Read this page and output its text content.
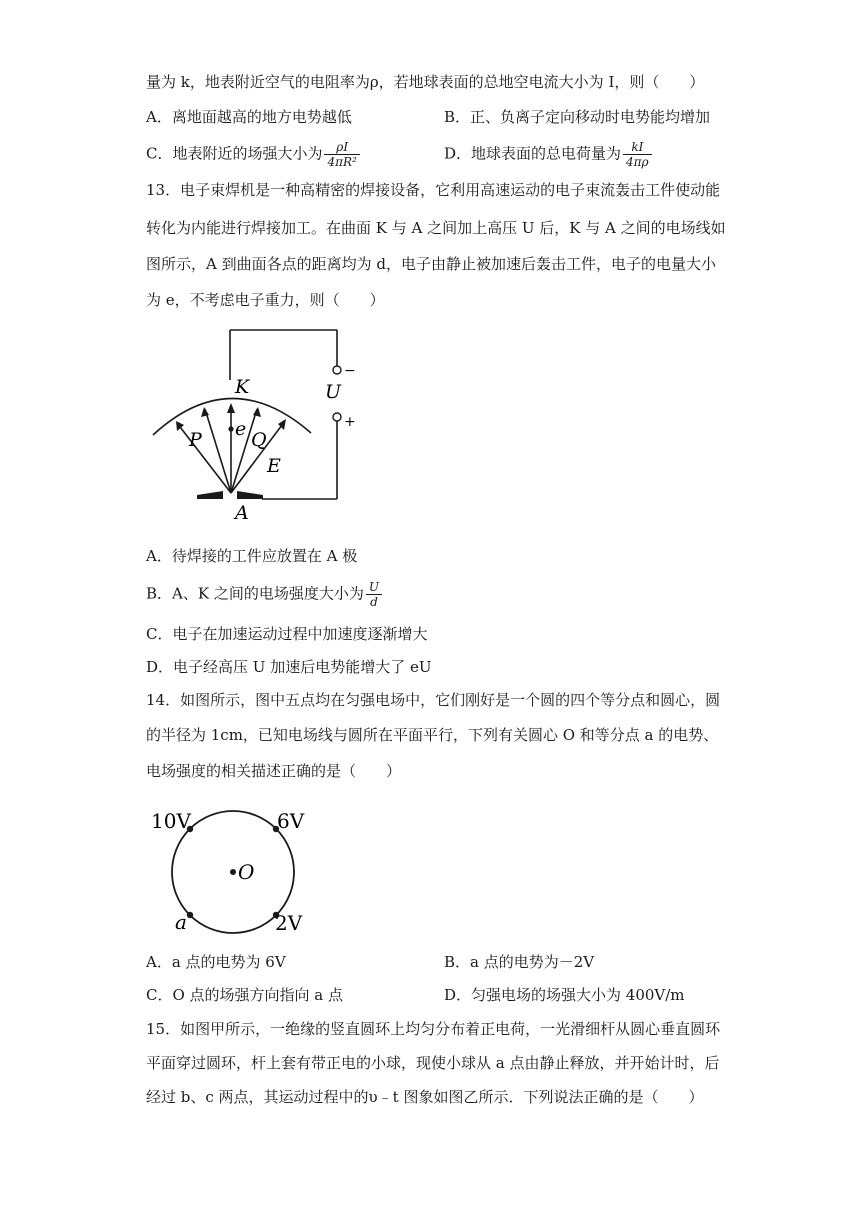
量为 k，地表附近空气的电阻率为ρ，若地球表面的总地空电流大小为 I，则（　　）
A．离地面越高的地方电势越低	B．正、负离子定向移动时电势能均增加
C．地表附近的场强大小为 $\frac{\rho I}{\text{4πR²}}$	D．地球表面的总电荷量为 $\frac{kI}{4\pi\rho}$
13．电子束焊机是一种高精密的焊接设备，它利用高速运动的电子束流轰击工件使动能
转化为内能进行焊接加工。在曲面 K 与 A 之间加上高压 U 后，K 与 A 之间的电场线如
图所示，A 到曲面各点的距离均为 d，电子由静止被加速后轰击工件，电子的电量大小
为 e，不考虑电子重力，则（　　）
K	U
−
+
P e Q
E
A
A．待焊接的工件应放置在 A 极
B．A、K 之间的电场强度大小为 $\frac{U}{d}$
C．电子在加速运动过程中加速度逐渐增大
D．电子经高压 U 加速后电势能增大了 eU
14．如图所示，图中五点均在匀强电场中，它们刚好是一个圆的四个等分点和圆心，圆
的半径为 1cm，已知电场线与圆所在平面平行，下列有关圆心 O 和等分点 a 的电势、
电场强度的相关描述正确的是（　　）
10V	6V
O
a	2V
A．a 点的电势为 6V	B．a 点的电势为－2V
C．O 点的场强方向指向 a 点	D．匀强电场的场强大小为 400V/m
15．如图甲所示，一绝缘的竖直圆环上均匀分布着正电荷，一光滑细杆从圆心垂直圆环
平面穿过圆环，杆上套有带正电的小球，现使小球从 a 点由静止释放，并开始计时，后
经过 b、c 两点，其运动过程中的υ﹣t 图象如图乙所示．下列说法正确的是（　　）
